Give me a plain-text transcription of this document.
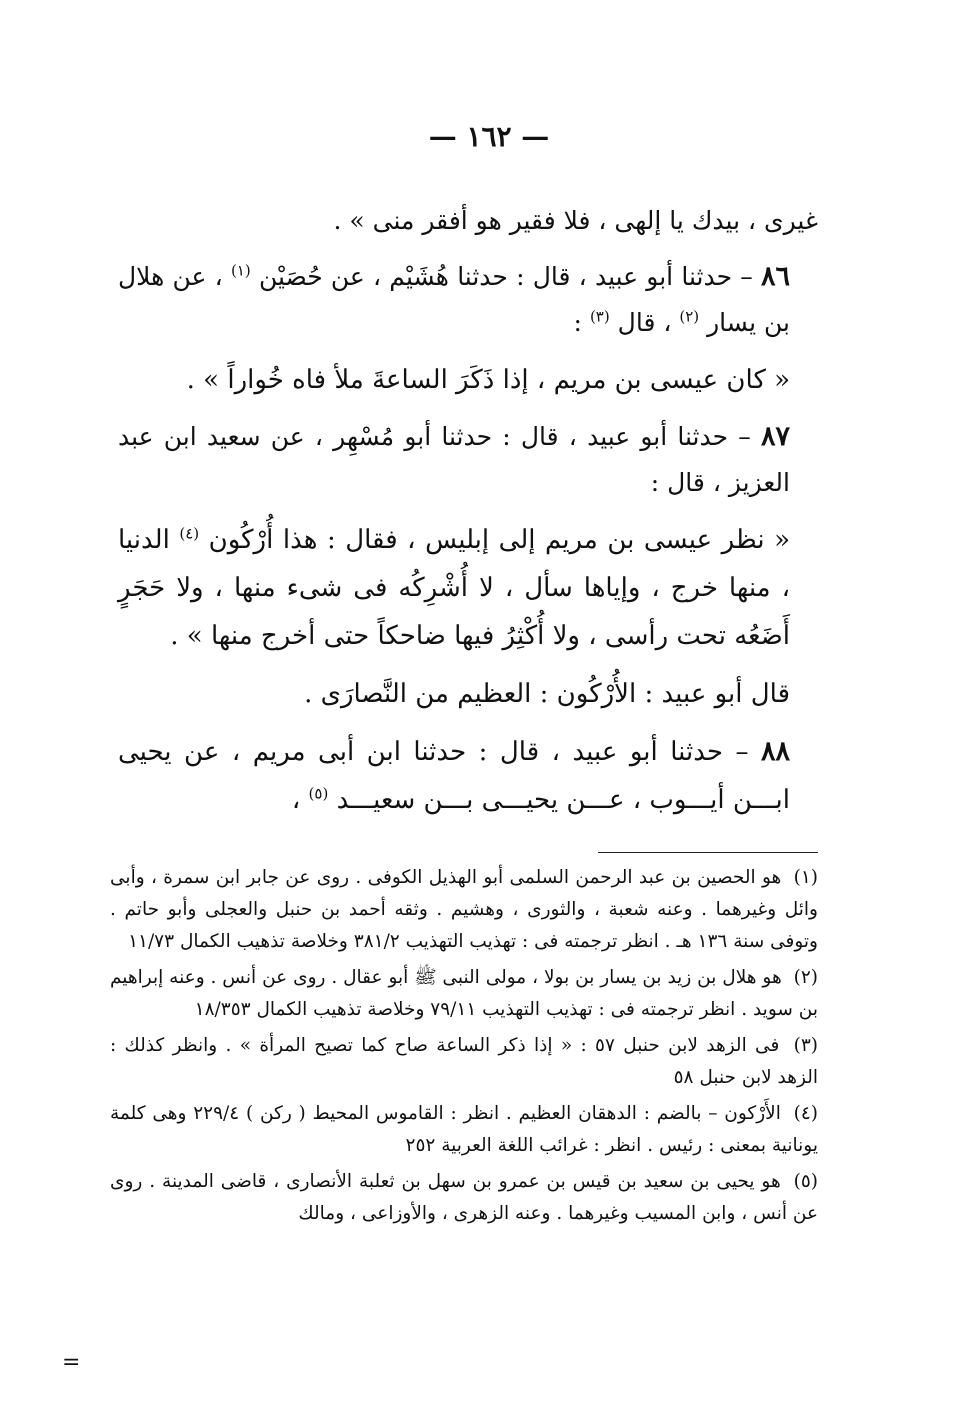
— ١٦٢ —

غيرى ، بيدك يا إلهى ، فلا فقير هو أفقر منى » .

٨٦ – حدثنا أبو عبيد ، قال : حدثنا هُشَيْم ، عن حُصَيْن $^{(١)}$ ، عن هلال بن يسار $^{(٢)}$ ، قال $^{(٣)}$ :

« كان عيسى بن مريم ، إذا ذَكَرَ الساعةَ ملأ فاه خُواراً » .

٨٧ – حدثنا أبو عبيد ، قال : حدثنا أبو مُسْهِر ، عن سعيد ابن عبد العزيز ، قال :

« نظر عيسى بن مريم إلى إبليس ، فقال : هذا أُرْكُون $^{(٤)}$ الدنيا ، منها خرج ، وإياها سأل ، لا أُشْرِكُه فى شىء منها ، ولا حَجَرٍ أَضَعُه تحت رأسى ، ولا أُكْثِرُ فيها ضاحكاً حتى أخرج منها » .

قال أبو عبيد : الأُرْكُون : العظيم من النَّصارَى .

٨٨ – حدثنا أبو عبيد ، قال : حدثنا ابن أبى مريم ، عن يحيى ابـــن أيـــوب ، عـــن يحيـــى بـــن سعيـــد $^{(٥)}$ ،

(١) هو الحصين بن عبد الرحمن السلمى أبو الهذيل الكوفى . روى عن جابر ابن سمرة ، وأبى وائل وغيرهما . وعنه شعبة ، والثورى ، وهشيم . وثقه أحمد بن حنبل والعجلى وأبو حاتم . وتوفى سنة ١٣٦ هـ . انظر ترجمته فى : تهذيب التهذيب ٣٨١/٢ وخلاصة تذهيب الكمال ١١/٧٣

(٢) هو هلال بن زيد بن يسار بن بولا ، مولى النبى ﷺ أبو عقال . روى عن أنس . وعنه إبراهيم بن سويد . انظر ترجمته فى : تهذيب التهذيب ٧٩/١١ وخلاصة تذهيب الكمال ١٨/٣٥٣

(٣) فى الزهد لابن حنبل ٥٧ : « إذا ذكر الساعة صاح كما تصيح المرأة » . وانظر كذلك : الزهد لابن حنبل ٥٨

(٤) الأَرْكون – بالضم : الدهقان العظيم . انظر : القاموس المحيط ( ركن ) ٢٢٩/٤ وهى كلمة يونانية بمعنى : رئيس . انظر : غرائب اللغة العربية ٢٥٢

(٥) هو يحيى بن سعيد بن قيس بن عمرو بن سهل بن ثعلبة الأنصارى ، قاضى المدينة . روى عن أنس ، وابن المسيب وغيرهما . وعنه الزهرى ، والأوزاعى ، ومالك

=
